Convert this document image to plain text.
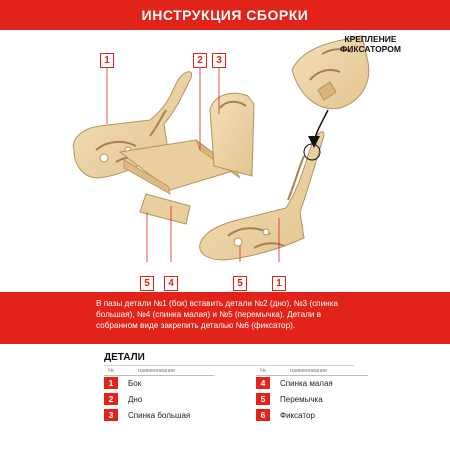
ИНСТРУКЦИЯ СБОРКИ
КРЕПЛЕНИЕ
ФИКСАТОРОМ
1	2	3
5	4	5	1
В пазы детали №1 (бок) вставить детали №2 (дно), №3 (спинка
большая), №4 (спинка малая) и №5 (перемычка). Детали в
собранном виде закрепить деталью №6 (фиксатор).
ДЕТАЛИ
№	наименование	№	наименование
1	Бок
2	Дно
3	Спинка большая
4	Спинка малая
5	Перемычка
6	Фиксатор
